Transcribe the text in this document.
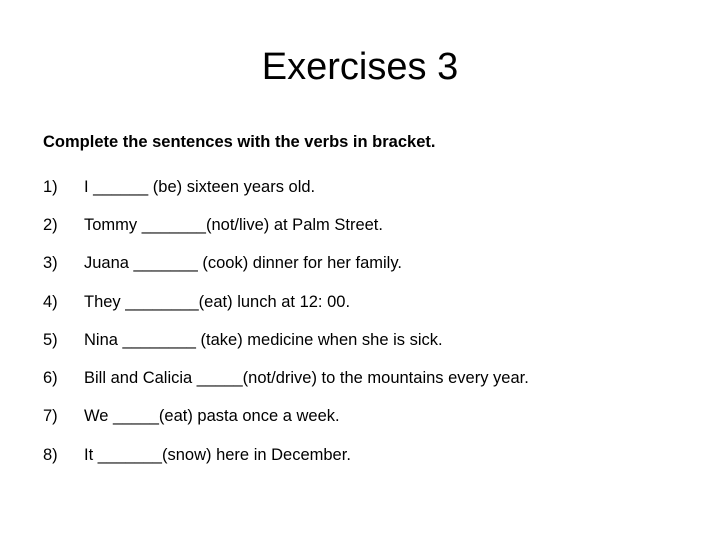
Exercises 3
Complete the sentences with the verbs in bracket.
1)	I ______ (be) sixteen years old.
2)	Tommy _______(not/live) at Palm Street.
3)	Juana _______ (cook) dinner for her family.
4)	They ________(eat) lunch at 12: 00.
5)	Nina ________ (take) medicine when she is sick.
6)	Bill and Calicia _____(not/drive) to the mountains every year.
7)	We _____(eat) pasta once a week.
8)	It _______(snow) here in December.
